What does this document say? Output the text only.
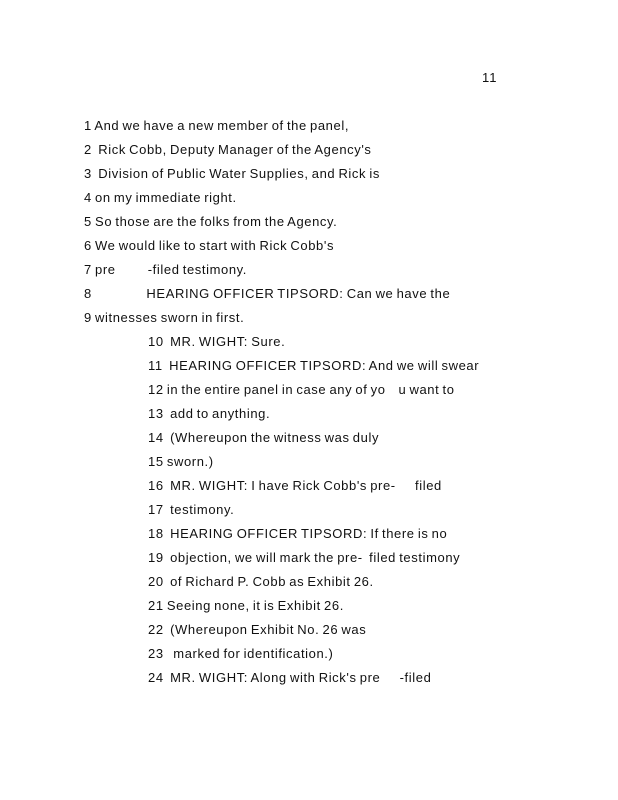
11
1 And we have a new member of the panel,
2  Rick Cobb, Deputy Manager of the Agency's
3  Division of Public Water Supplies, and Rick is
4 on my immediate right.
5 So those are the folks from the Agency.
6 We would like to start with Rick Cobb's
7 pre          -filed testimony.
8                 HEARING OFFICER TIPSORD: Can we have the
9 witnesses sworn in first.
10  MR. WIGHT: Sure.
11  HEARING OFFICER TIPSORD: And we will swear
12 in the entire panel in case any of yo    u want to
13  add to anything.
14  (Whereupon the witness was duly
15 sworn.)
16  MR. WIGHT: I have Rick Cobb's pre-      filed
17  testimony.
18  HEARING OFFICER TIPSORD: If there is no
19  objection, we will mark the pre-  filed testimony
20  of Richard P. Cobb as Exhibit 26.
21 Seeing none, it is Exhibit 26.
22  (Whereupon Exhibit No. 26 was
23   marked for identification.)
24  MR. WIGHT: Along with Rick's pre      -filed
